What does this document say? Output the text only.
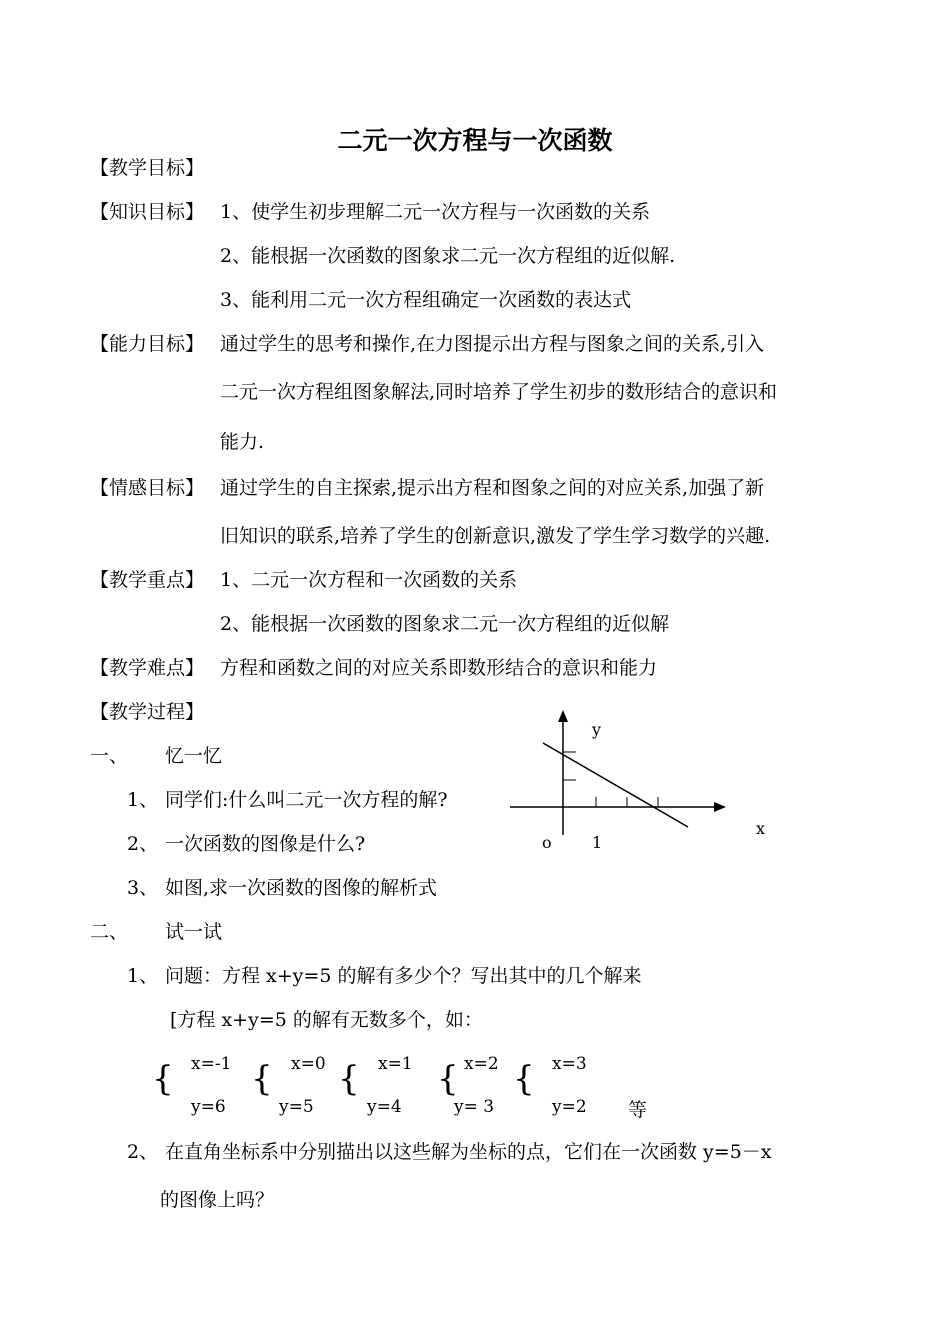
二元一次方程与一次函数
【教学目标】
【知识目标】 1、使学生初步理解二元一次方程与一次函数的关系
2、能根据一次函数的图象求二元一次方程组的近似解.
3、能利用二元一次方程组确定一次函数的表达式
【能力目标】 通过学生的思考和操作,在力图提示出方程与图象之间的关系,引入
二元一次方程组图象解法,同时培养了学生初步的数形结合的意识和
能力.
【情感目标】 通过学生的自主探索,提示出方程和图象之间的对应关系,加强了新
旧知识的联系,培养了学生的创新意识,激发了学生学习数学的兴趣.
【教学重点】 1、二元一次方程和一次函数的关系
2、能根据一次函数的图象求二元一次方程组的近似解
【教学难点】 方程和函数之间的对应关系即数形结合的意识和能力
【教学过程】
一、 忆一忆
1、 同学们:什么叫二元一次方程的解?
2、 一次函数的图像是什么?
3、 如图,求一次函数的图像的解析式
y
x
o	1
二、 试一试
1、 问题：方程 x+y=5 的解有多少个？写出其中的几个解来
[方程 x+y=5 的解有无数多个，如：
{ x=-1
y=6
{ x=0
y=5
{ x=1
y=4
{ x=2
y= 3
{ x=3
y=2 等
2、 在直角坐标系中分别描出以这些解为坐标的点，它们在一次函数 y=5－x
的图像上吗？
